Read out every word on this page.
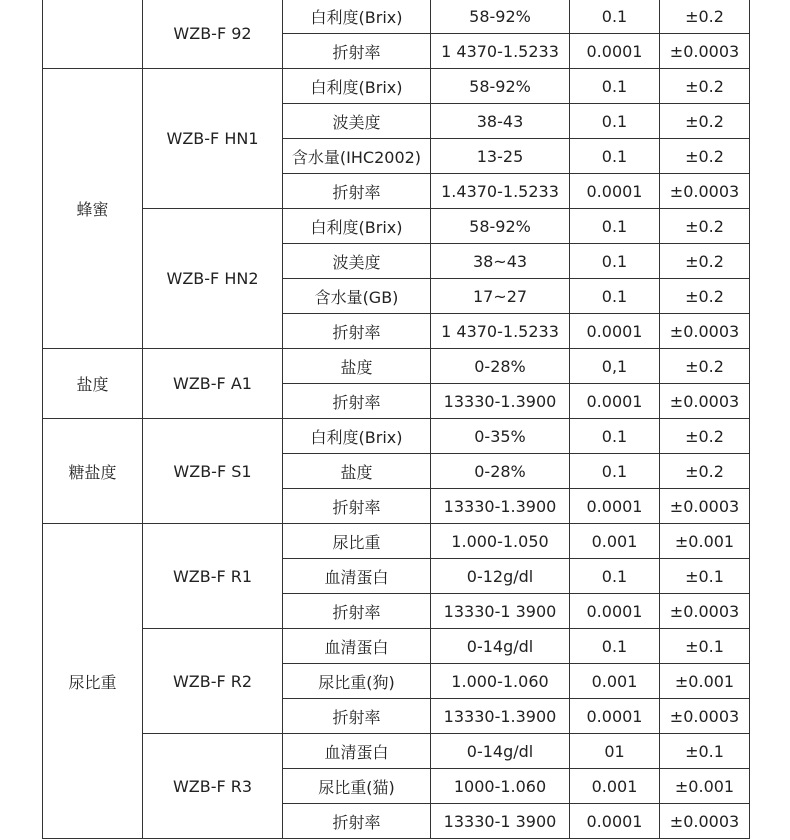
	WZB-F 92	白利度(Brix)	58-92%	0.1	±0.2
		折射率	1 4370-1.5233	0.0001	±0.0003
蜂蜜	WZB-F HN1	白利度(Brix)	58-92%	0.1	±0.2
		波美度	38-43	0.1	±0.2
		含水量(IHC2002)	13-25	0.1	±0.2
		折射率	1.4370-1.5233	0.0001	±0.0003
	WZB-F HN2	白利度(Brix)	58-92%	0.1	±0.2
		波美度	38~43	0.1	±0.2
		含水量(GB)	17~27	0.1	±0.2
		折射率	1 4370-1.5233	0.0001	±0.0003
盐度	WZB-F A1	盐度	0-28%	0,1	±0.2
		折射率	13330-1.3900	0.0001	±0.0003
糖盐度	WZB-F S1	白利度(Brix)	0-35%	0.1	±0.2
		盐度	0-28%	0.1	±0.2
		折射率	13330-1.3900	0.0001	±0.0003
尿比重	WZB-F R1	尿比重	1.000-1.050	0.001	±0.001
		血清蛋白	0-12g/dl	0.1	±0.1
		折射率	13330-1 3900	0.0001	±0.0003
	WZB-F R2	血清蛋白	0-14g/dl	0.1	±0.1
		尿比重(狗)	1.000-1.060	0.001	±0.001
		折射率	13330-1.3900	0.0001	±0.0003
	WZB-F R3	血清蛋白	0-14g/dl	01	±0.1
		尿比重(猫)	1000-1.060	0.001	±0.001
		折射率	13330-1 3900	0.0001	±0.0003
